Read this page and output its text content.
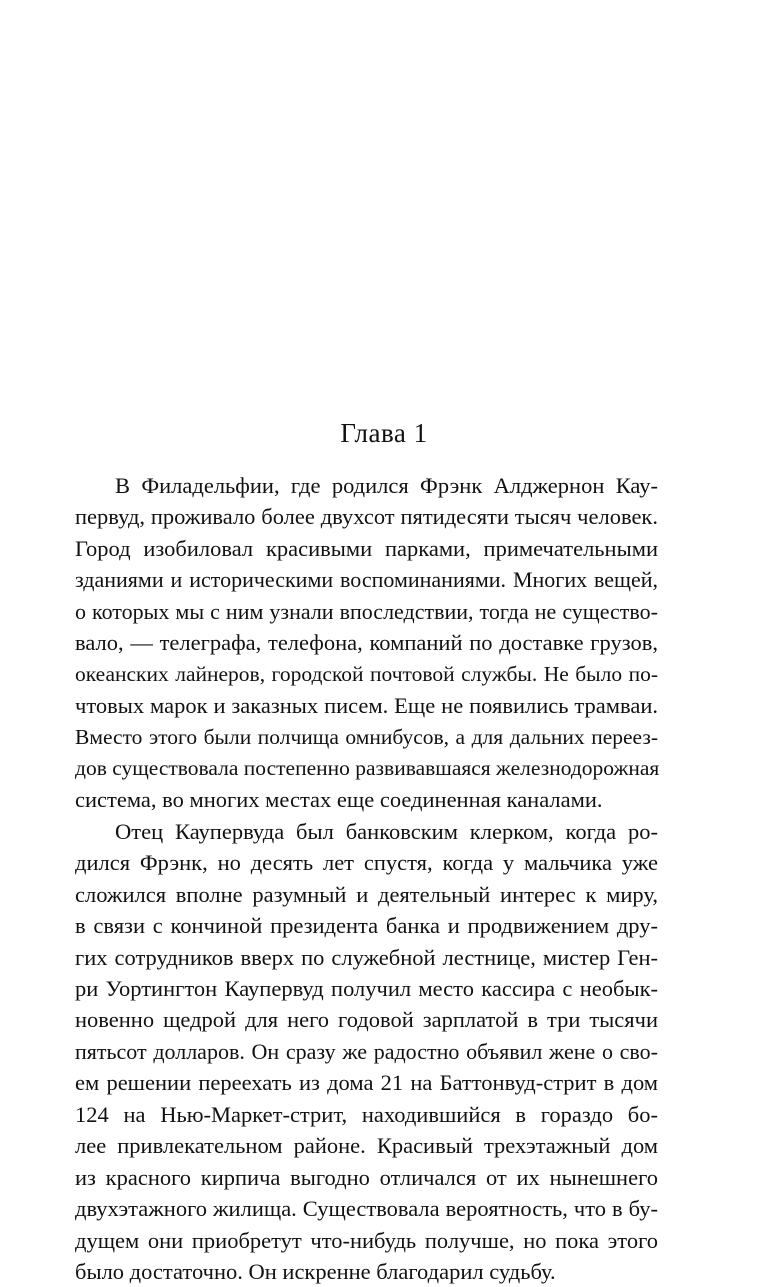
Глава 1
В Филадельфии, где родился Фрэнк Алджернон Кау-
первуд, проживало более двухсот пятидесяти тысяч человек.
Город изобиловал красивыми парками, примечательными
зданиями и историческими воспоминаниями. Многих вещей,
о которых мы с ним узнали впоследствии, тогда не существо-
вало, — телеграфа, телефона, компаний по доставке грузов,
океанских лайнеров, городской почтовой службы. Не было по-
чтовых марок и заказных писем. Еще не появились трамваи.
Вместо этого были полчища омнибусов, а для дальних переез-
дов существовала постепенно развивавшаяся железнодорожная
система, во многих местах еще соединенная каналами.
Отец Каупервуда был банковским клерком, когда ро-
дился Фрэнк, но десять лет спустя, когда у мальчика уже
сложился вполне разумный и деятельный интерес к миру,
в связи с кончиной президента банка и продвижением дру-
гих сотрудников вверх по служебной лестнице, мистер Ген-
ри Уортингтон Каупервуд получил место кассира с необык-
новенно щедрой для него годовой зарплатой в три тысячи
пятьсот долларов. Он сразу же радостно объявил жене о сво-
ем решении переехать из дома 21 на Баттонвуд-стрит в дом
124 на Нью-Маркет-стрит, находившийся в гораздо бо-
лее привлекательном районе. Красивый трехэтажный дом
из красного кирпича выгодно отличался от их нынешнего
двухэтажного жилища. Существовала вероятность, что в бу-
дущем они приобретут что-нибудь получше, но пока этого
было достаточно. Он искренне благодарил судьбу.
